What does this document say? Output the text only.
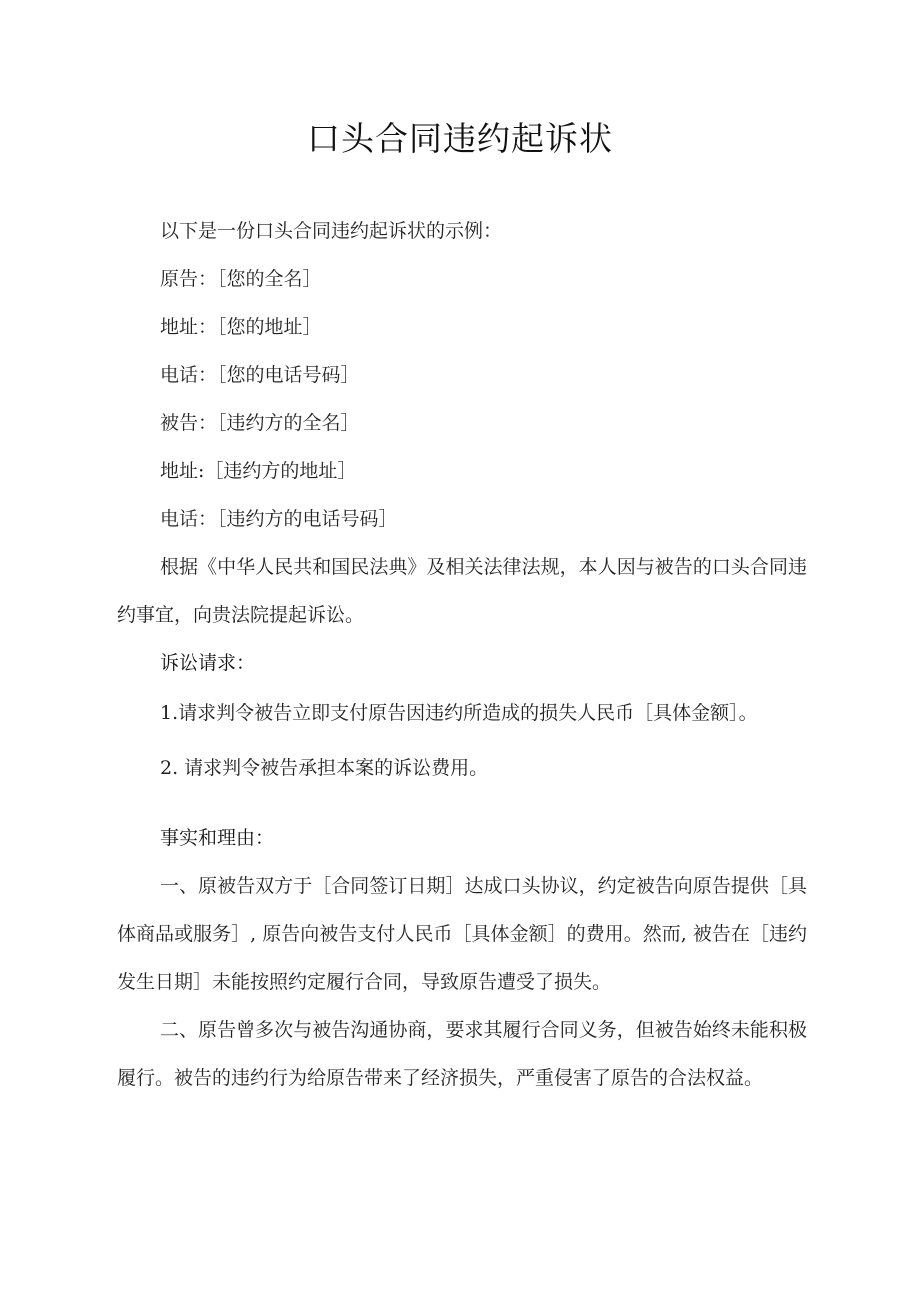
口头合同违约起诉状

以下是一份口头合同违约起诉状的示例：

原告：［您的全名］

地址：［您的地址］

电话：［您的电话号码］

被告：［违约方的全名］

地址:［违约方的地址］

电话：［违约方的电话号码］

根据《中华人民共和国民法典》及相关法律法规，本人因与被告的口头合同违约事宜，向贵法院提起诉讼。

诉讼请求：

1.请求判令被告立即支付原告因违约所造成的损失人民币［具体金额］。

2. 请求判令被告承担本案的诉讼费用。

事实和理由：

一、原被告双方于［合同签订日期］达成口头协议，约定被告向原告提供［具体商品或服务］, 原告向被告支付人民币［具体金额］的费用。然而, 被告在［违约发生日期］未能按照约定履行合同，导致原告遭受了损失。

二、原告曾多次与被告沟通协商，要求其履行合同义务，但被告始终未能积极履行。被告的违约行为给原告带来了经济损失，严重侵害了原告的合法权益。
